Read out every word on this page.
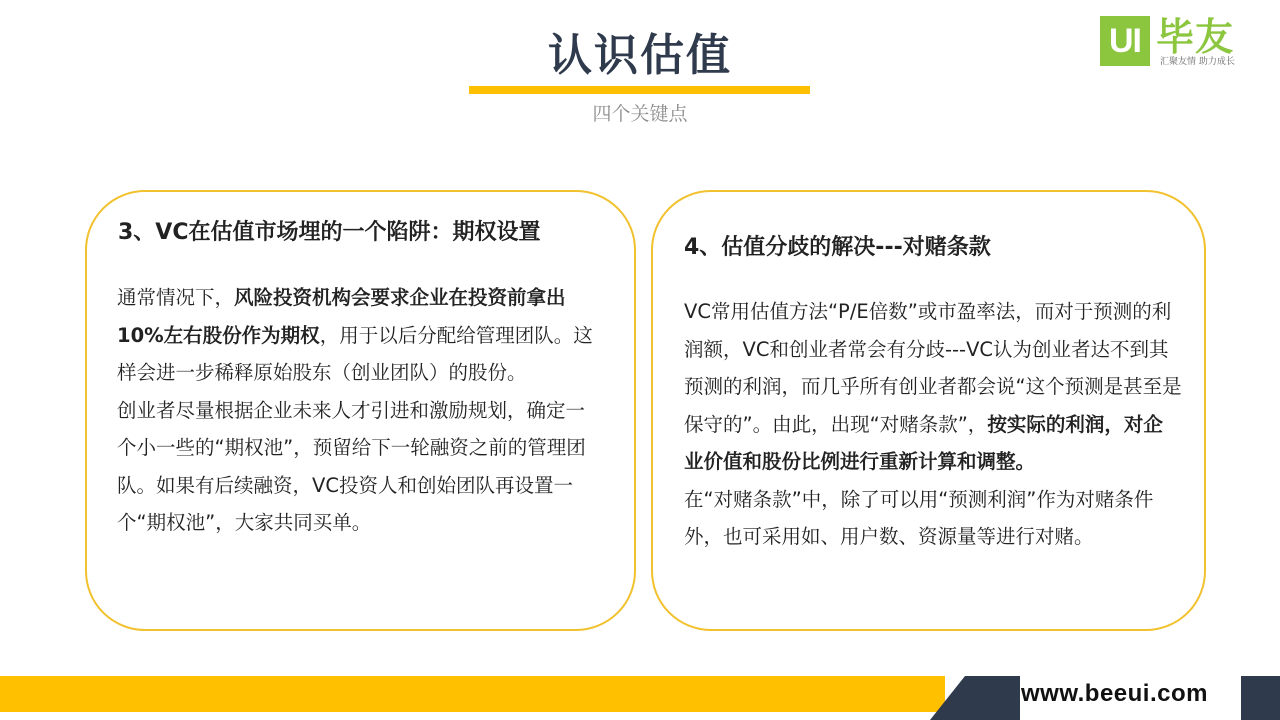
认识估值
四个关键点
UI 毕友
汇聚友情 助力成长
3、VC在估值市场埋的一个陷阱：期权设置

通常情况下，风险投资机构会要求企业在投资前拿出10%左右股份作为期权，用于以后分配给管理团队。这样会进一步稀释原始股东（创业团队）的股份。

创业者尽量根据企业未来人才引进和激励规划，确定一个小一些的“期权池”，预留给下一轮融资之前的管理团队。如果有后续融资，VC投资人和创始团队再设置一个“期权池”，大家共同买单。

4、估值分歧的解决---对赌条款

VC常用估值方法“P/E倍数”或市盈率法，而对于预测的利润额，VC和创业者常会有分歧---VC认为创业者达不到其预测的利润，而几乎所有创业者都会说“这个预测是甚至是保守的”。由此，出现“对赌条款”，按实际的利润，对企业价值和股份比例进行重新计算和调整。

在“对赌条款”中，除了可以用“预测利润”作为对赌条件外，也可采用如、用户数、资源量等进行对赌。

www.beeui.com
